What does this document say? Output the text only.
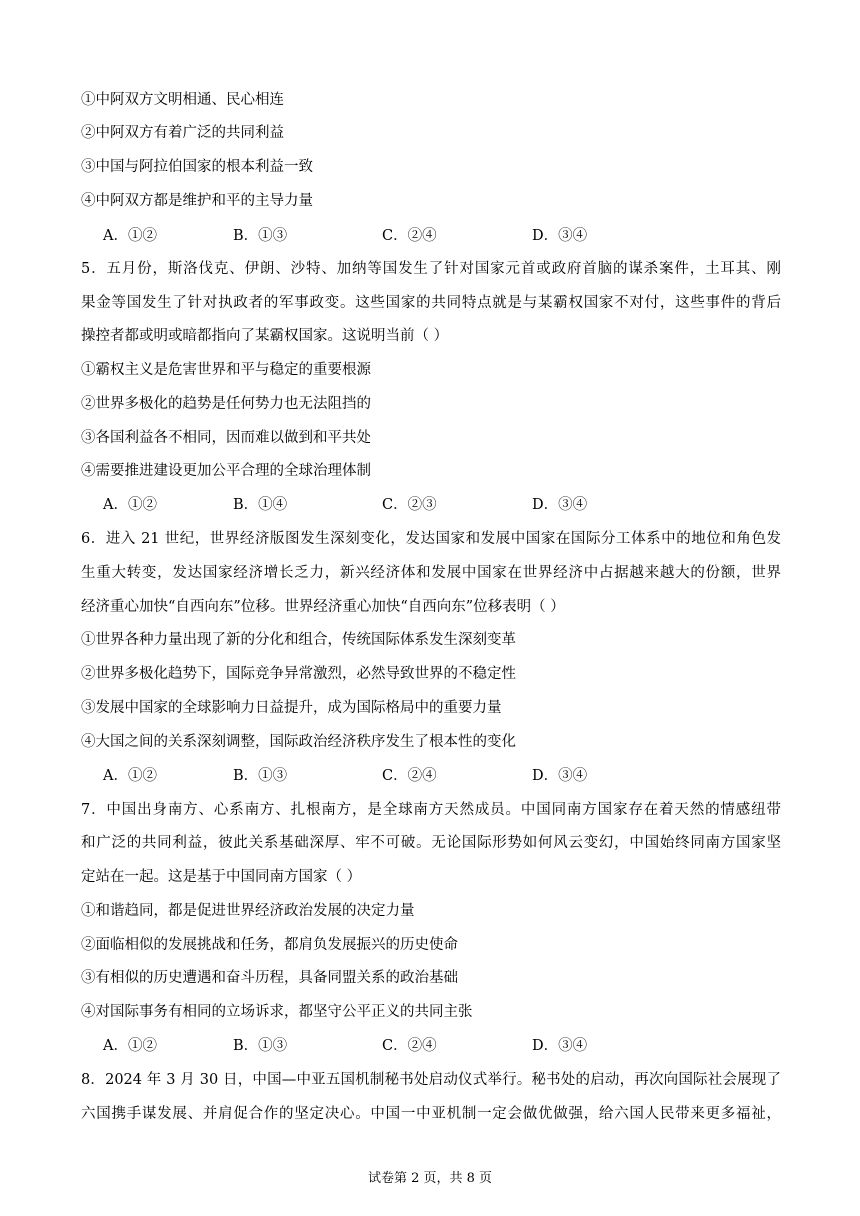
①中阿双方文明相通、民心相连
②中阿双方有着广泛的共同利益
③中国与阿拉伯国家的根本利益一致
④中阿双方都是维护和平的主导力量
A．①②	B．①③	C．②④	D．③④
5．五月份，斯洛伐克、伊朗、沙特、加纳等国发生了针对国家元首或政府首脑的谋杀案件，土耳其、刚
果金等国发生了针对执政者的军事政变。这些国家的共同特点就是与某霸权国家不对付，这些事件的背后
操控者都或明或暗都指向了某霸权国家。这说明当前（ ）
①霸权主义是危害世界和平与稳定的重要根源
②世界多极化的趋势是任何势力也无法阻挡的
③各国利益各不相同，因而难以做到和平共处
④需要推进建设更加公平合理的全球治理体制
A．①②	B．①④	C．②③	D．③④
6．进入 21 世纪，世界经济版图发生深刻变化，发达国家和发展中国家在国际分工体系中的地位和角色发
生重大转变，发达国家经济增长乏力，新兴经济体和发展中国家在世界经济中占据越来越大的份额，世界
经济重心加快“自西向东”位移。世界经济重心加快“自西向东”位移表明（ ）
①世界各种力量出现了新的分化和组合，传统国际体系发生深刻变革
②世界多极化趋势下，国际竞争异常激烈，必然导致世界的不稳定性
③发展中国家的全球影响力日益提升，成为国际格局中的重要力量
④大国之间的关系深刻调整，国际政治经济秩序发生了根本性的变化
A．①②	B．①③	C．②④	D．③④
7．中国出身南方、心系南方、扎根南方，是全球南方天然成员。中国同南方国家存在着天然的情感纽带
和广泛的共同利益，彼此关系基础深厚、牢不可破。无论国际形势如何风云变幻，中国始终同南方国家坚
定站在一起。这是基于中国同南方国家（ ）
①和谐趋同，都是促进世界经济政治发展的决定力量
②面临相似的发展挑战和任务，都肩负发展振兴的历史使命
③有相似的历史遭遇和奋斗历程，具备同盟关系的政治基础
④对国际事务有相同的立场诉求，都坚守公平正义的共同主张
A．①②	B．①③	C．②④	D．③④
8．2024 年 3 月 30 日，中国—中亚五国机制秘书处启动仪式举行。秘书处的启动，再次向国际社会展现了
六国携手谋发展、并肩促合作的坚定决心。中国一中亚机制一定会做优做强，给六国人民带来更多福祉，
试卷第 2 页，共 8 页
